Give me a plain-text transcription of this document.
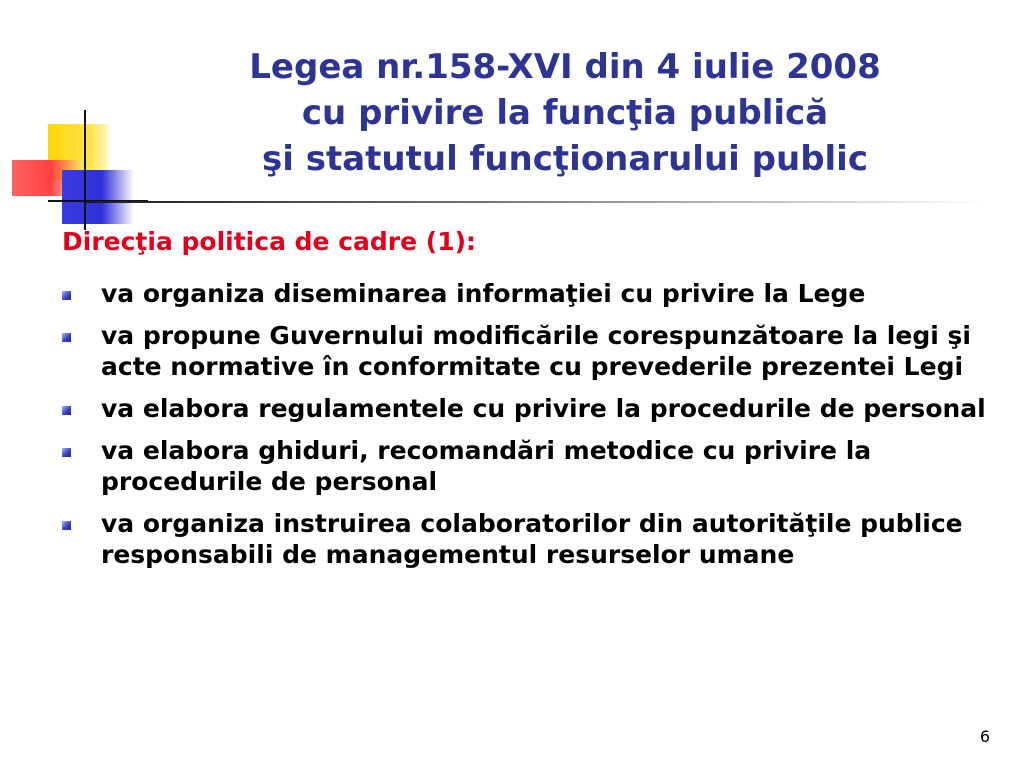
Legea nr.158-XVI din 4 iulie 2008
cu privire la funcţia publică
şi statutul funcţionarului public
Direcţia politica de cadre (1):
va organiza diseminarea informaţiei cu privire la Lege
va propune Guvernului modificările corespunzătoare la legi şi acte normative în conformitate cu prevederile prezentei Legi
va elabora regulamentele cu privire la procedurile de personal
va elabora ghiduri, recomandări metodice cu privire la procedurile de personal
va organiza instruirea colaboratorilor din autorităţile publice responsabili de managementul resurselor umane
6
